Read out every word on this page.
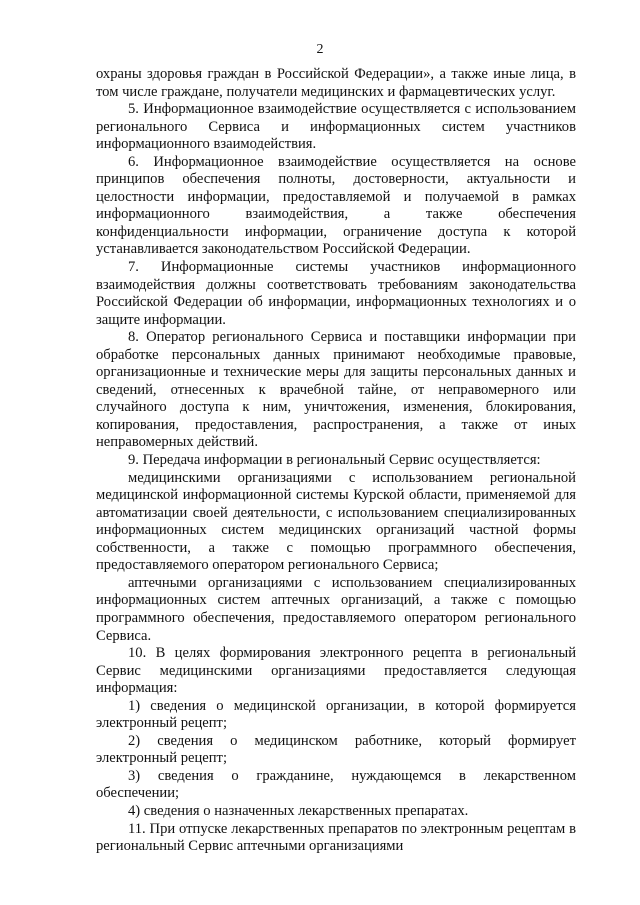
2

охраны здоровья граждан в Российской Федерации», а также иные лица, в том числе граждане, получатели медицинских и фармацевтических услуг.

5. Информационное взаимодействие осуществляется с использованием регионального Сервиса и информационных систем участников информационного взаимодействия.

6. Информационное взаимодействие осуществляется на основе принципов обеспечения полноты, достоверности, актуальности и целостности информации, предоставляемой и получаемой в рамках информационного взаимодействия, а также обеспечения конфиденциальности информации, ограничение доступа к которой устанавливается законодательством Российской Федерации.

7. Информационные системы участников информационного взаимодействия должны соответствовать требованиям законодательства Российской Федерации об информации, информационных технологиях и о защите информации.

8. Оператор регионального Сервиса и поставщики информации при обработке персональных данных принимают необходимые правовые, организационные и технические меры для защиты персональных данных и сведений, отнесенных к врачебной тайне, от неправомерного или случайного доступа к ним, уничтожения, изменения, блокирования, копирования, предоставления, распространения, а также от иных неправомерных действий.

9. Передача информации в региональный Сервис осуществляется:

медицинскими организациями с использованием региональной медицинской информационной системы Курской области, применяемой для автоматизации своей деятельности, с использованием специализированных информационных систем медицинских организаций частной формы собственности, а также с помощью программного обеспечения, предоставляемого оператором регионального Сервиса;

аптечными организациями с использованием специализированных информационных систем аптечных организаций, а также с помощью программного обеспечения, предоставляемого оператором регионального Сервиса.

10. В целях формирования электронного рецепта в региональный Сервис медицинскими организациями предоставляется следующая информация:

1) сведения о медицинской организации, в которой формируется электронный рецепт;

2) сведения о медицинском работнике, который формирует электронный рецепт;

3) сведения о гражданине, нуждающемся в лекарственном обеспечении;

4) сведения о назначенных лекарственных препаратах.

11. При отпуске лекарственных препаратов по электронным рецептам в региональный Сервис аптечными организациями
